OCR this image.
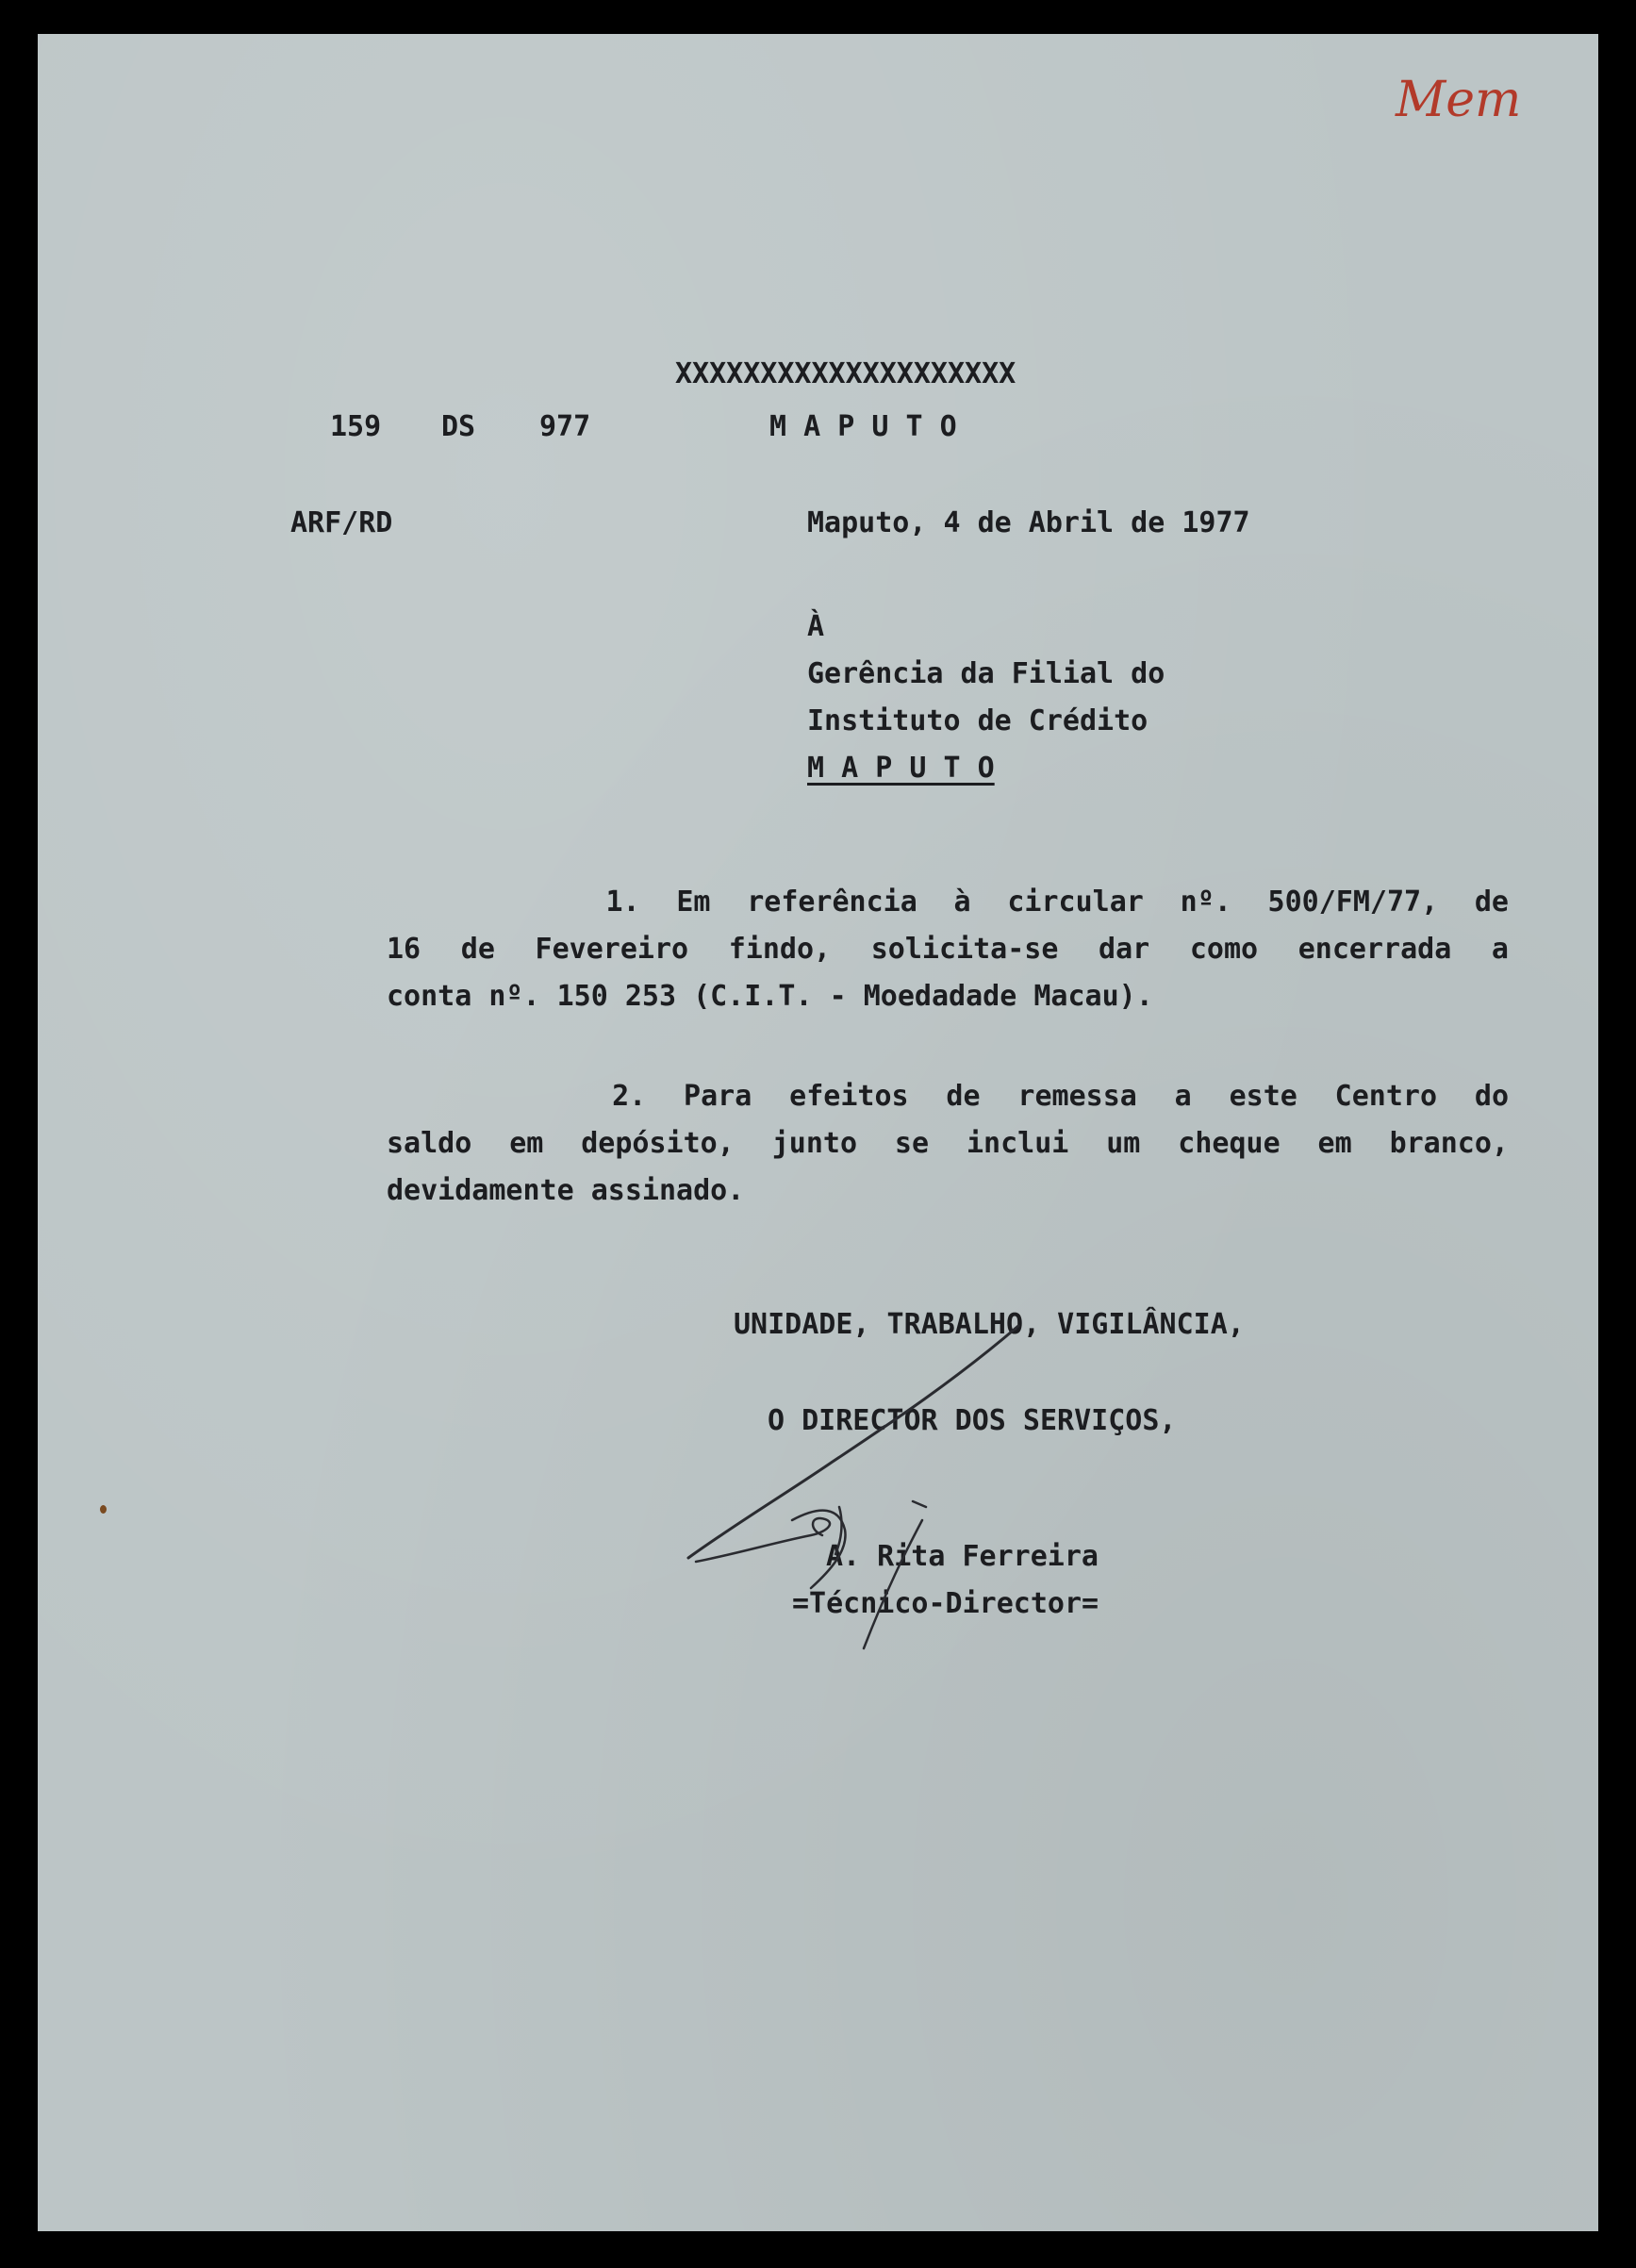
Mem
XXXXXXXXXXXXXXXXXXXX
159 DS 977	M A P U T O
ARF/RD	Maputo, 4 de Abril de 1977
À
Gerência da Filial do
Instituto de Crédito
M A P U T O
1. Em referência à circular nº. 500/FM/77, de
16 de Fevereiro findo, solicita-se dar como encerrada a
conta nº. 150 253 (C.I.T. - Moedadade Macau).
2. Para efeitos de remessa a este Centro do
saldo em depósito, junto se inclui um cheque em branco,
devidamente assinado.
UNIDADE, TRABALHO, VIGILÂNCIA,
O DIRECTOR DOS SERVIÇOS,
A. Rita Ferreira
=Técnico-Director=
